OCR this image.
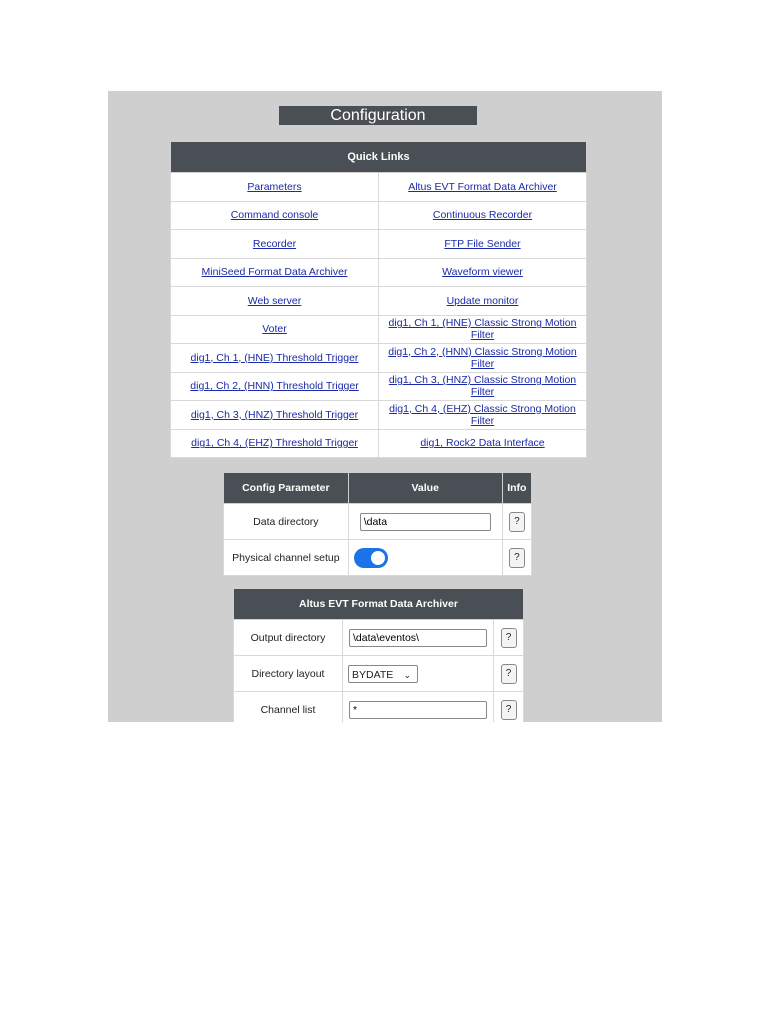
Configuration
Quick Links	
Parameters	Altus EVT Format Data Archiver
Command console	Continuous Recorder
Recorder	FTP File Sender
MiniSeed Format Data Archiver	Waveform viewer
Web server	Update monitor
Voter	dig1, Ch 1, (HNE) Classic Strong Motion Filter
dig1, Ch 1, (HNE) Threshold Trigger	dig1, Ch 2, (HNN) Classic Strong Motion Filter
dig1, Ch 2, (HNN) Threshold Trigger	dig1, Ch 3, (HNZ) Classic Strong Motion Filter
dig1, Ch 3, (HNZ) Threshold Trigger	dig1, Ch 4, (EHZ) Classic Strong Motion Filter
dig1, Ch 4, (EHZ) Threshold Trigger	dig1, Rock2 Data Interface
Config Parameter	Value	Info
Data directory	\data	?
Physical channel setup		?
Altus EVT Format Data Archiver		
Output directory	\data\eventos\	?
Directory layout	BYDATE ⌄	?
Channel list	*	?
